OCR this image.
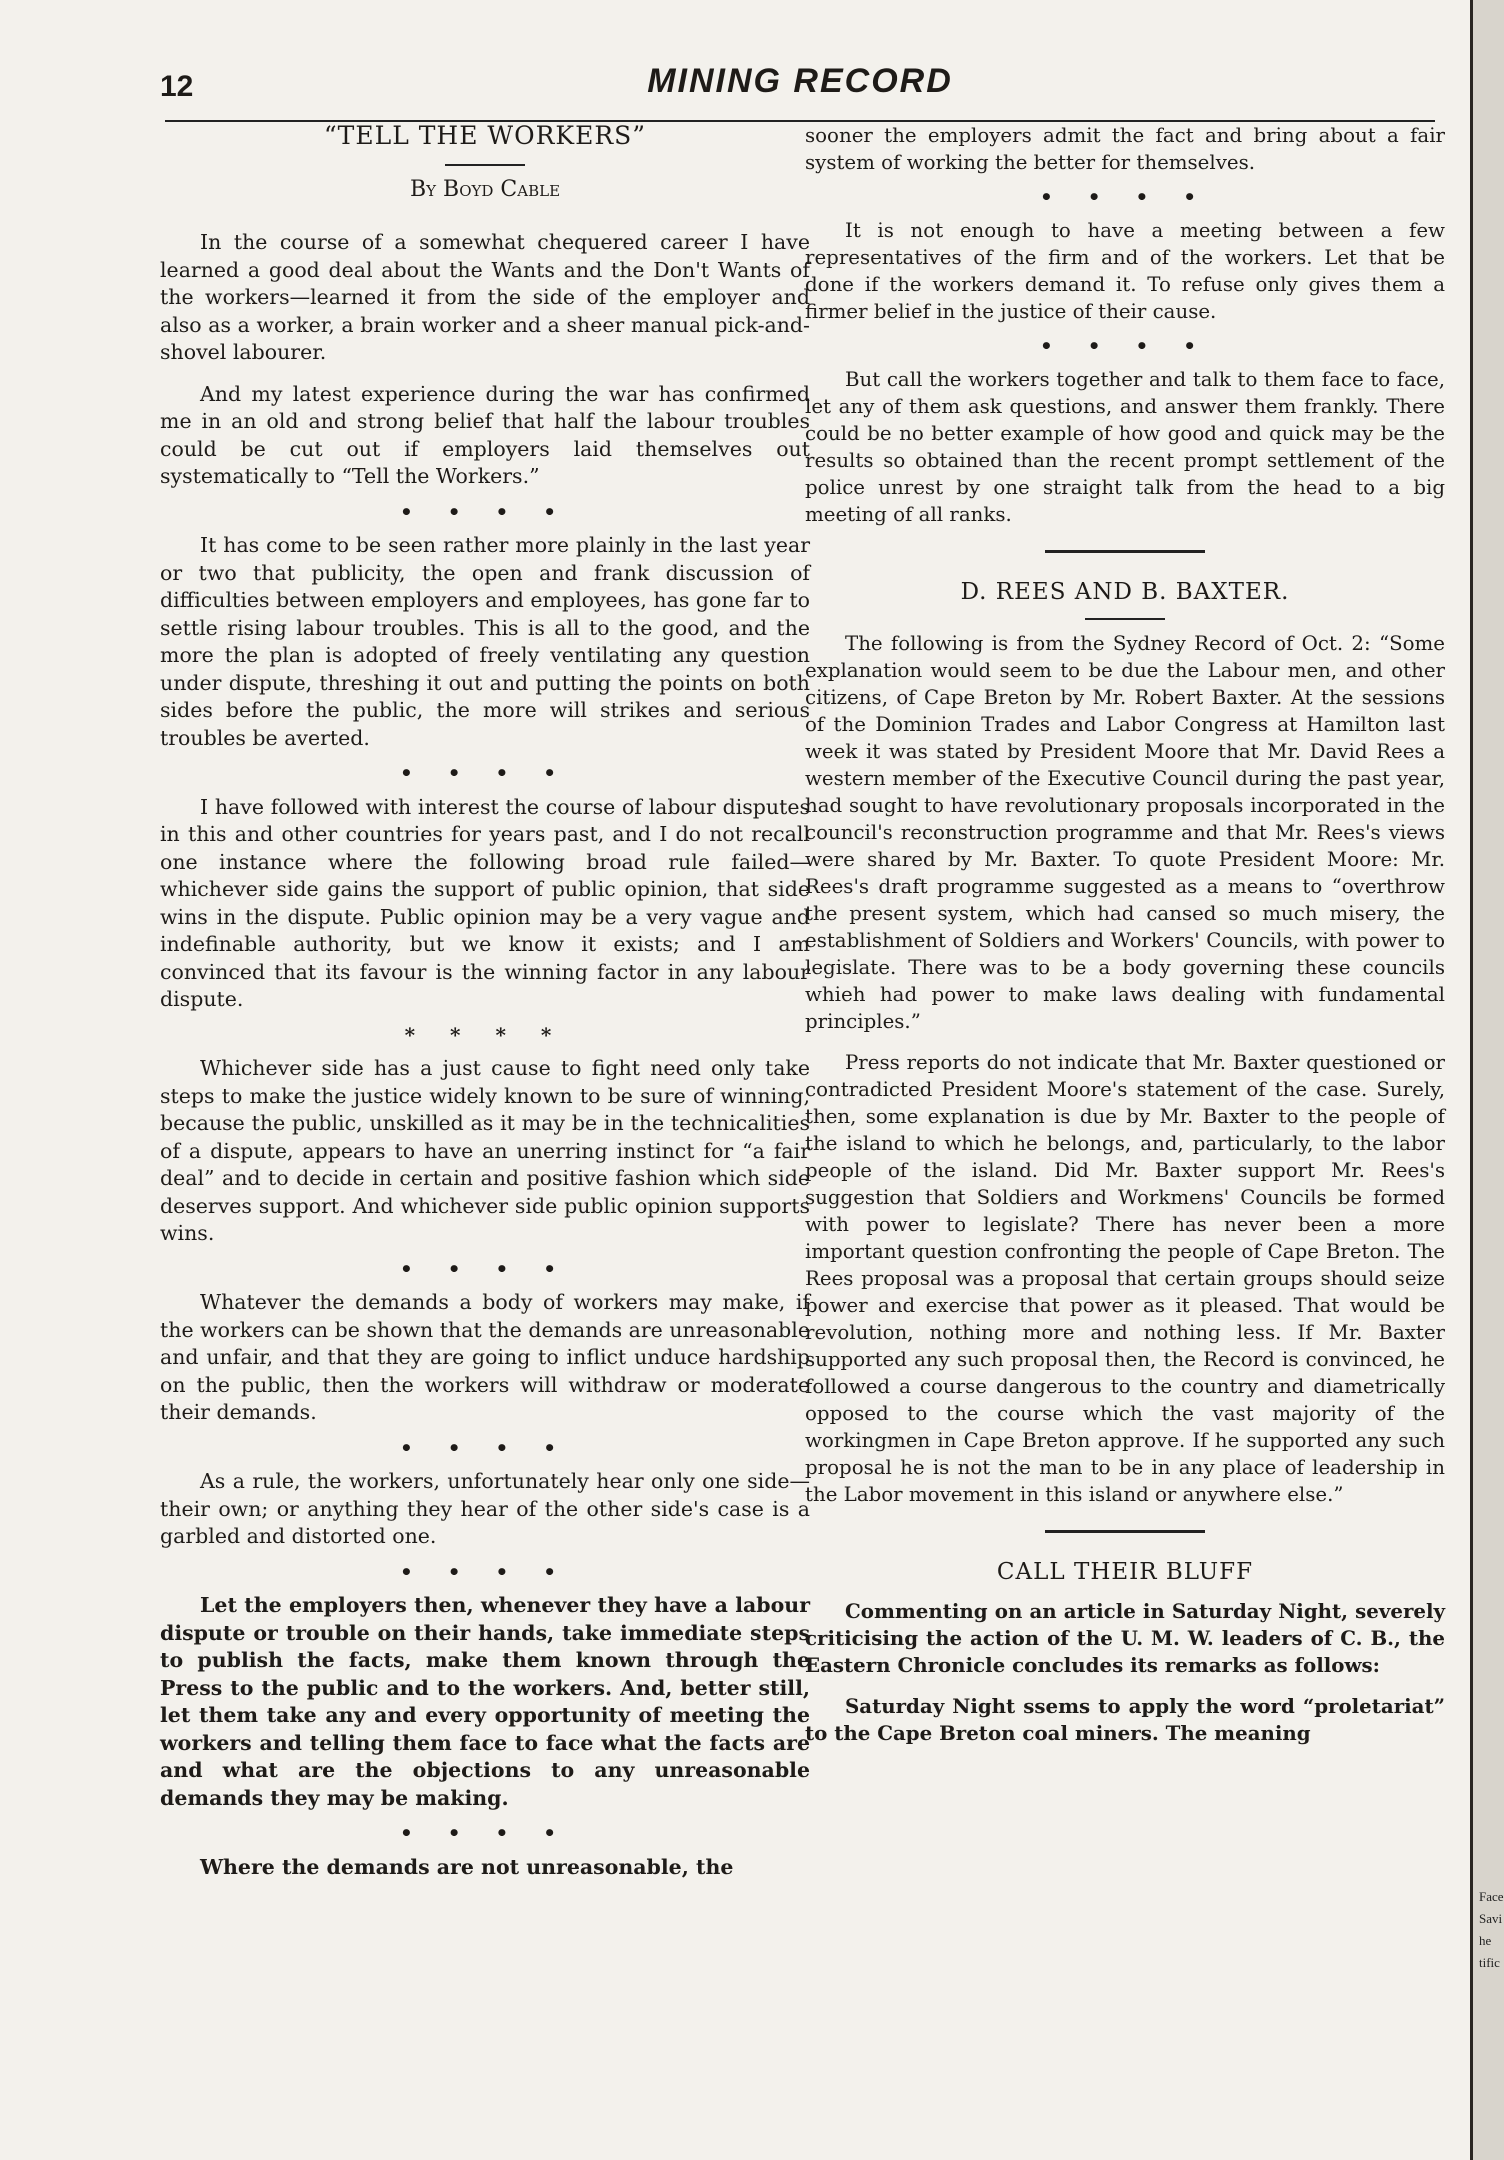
12	MINING RECORD
“TELL THE WORKERS”
By Boyd Cable

In the course of a somewhat chequered career I have learned a good deal about the Wants and the Don't Wants of the workers—learned it from the side of the employer and also as a worker, a brain worker and a sheer manual pick-and-shovel labourer.

And my latest experience during the war has confirmed me in an old and strong belief that half the labour troubles could be cut out if employers laid themselves out systematically to “Tell the Workers.”

• • • •

It has come to be seen rather more plainly in the last year or two that publicity, the open and frank discussion of difficulties between employers and employees, has gone far to settle rising labour troubles. This is all to the good, and the more the plan is adopted of freely ventilating any question under dispute, threshing it out and putting the points on both sides before the public, the more will strikes and serious troubles be averted.

• • • •

I have followed with interest the course of labour disputes in this and other countries for years past, and I do not recall one instance where the following broad rule failed—whichever side gains the support of public opinion, that side wins in the dispute. Public opinion may be a very vague and indefinable authority, but we know it exists; and I am convinced that its favour is the winning factor in any labour dispute.

* * * *

Whichever side has a just cause to fight need only take steps to make the justice widely known to be sure of winning, because the public, unskilled as it may be in the technicalities of a dispute, appears to have an unerring instinct for “a fair deal” and to decide in certain and positive fashion which side deserves support. And whichever side public opinion supports wins.

• • • •

Whatever the demands a body of workers may make, if the workers can be shown that the demands are unreasonable and unfair, and that they are going to inflict unduce hardship on the public, then the workers will withdraw or moderate their demands.

• • • •

As a rule, the workers, unfortunately hear only one side—their own; or anything they hear of the other side's case is a garbled and distorted one.

• • • •

Let the employers then, whenever they have a labour dispute or trouble on their hands, take immediate steps to publish the facts, make them known through the Press to the public and to the workers. And, better still, let them take any and every opportunity of meeting the workers and telling them face to face what the facts are and what are the objections to any unreasonable demands they may be making.

• • • •

Where the demands are not unreasonable, the

sooner the employers admit the fact and bring about a fair system of working the better for themselves.

• • • •

It is not enough to have a meeting between a few representatives of the firm and of the workers. Let that be done if the workers demand it. To refuse only gives them a firmer belief in the justice of their cause.

• • • •

But call the workers together and talk to them face to face, let any of them ask questions, and answer them frankly. There could be no better example of how good and quick may be the results so obtained than the recent prompt settlement of the police unrest by one straight talk from the head to a big meeting of all ranks.

D. REES AND B. BAXTER.

The following is from the Sydney Record of Oct. 2: “Some explanation would seem to be due the Labour men, and other citizens, of Cape Breton by Mr. Robert Baxter. At the sessions of the Dominion Trades and Labor Congress at Hamilton last week it was stated by President Moore that Mr. David Rees a western member of the Executive Council during the past year, had sought to have revolutionary proposals incorporated in the council's reconstruction programme and that Mr. Rees's views were shared by Mr. Baxter. To quote President Moore: Mr. Rees's draft programme suggested as a means to “overthrow the present system, which had cansed so much misery, the establishment of Soldiers and Workers' Councils, with power to legislate. There was to be a body governing these councils whieh had power to make laws dealing with fundamental principles.”

Press reports do not indicate that Mr. Baxter questioned or contradicted President Moore's statement of the case. Surely, then, some explanation is due by Mr. Baxter to the people of the island to which he belongs, and, particularly, to the labor people of the island. Did Mr. Baxter support Mr. Rees's suggestion that Soldiers and Workmens' Councils be formed with power to legislate? There has never been a more important question confronting the people of Cape Breton. The Rees proposal was a proposal that certain groups should seize power and exercise that power as it pleased. That would be revolution, nothing more and nothing less. If Mr. Baxter supported any such proposal then, the Record is convinced, he followed a course dangerous to the country and diametrically opposed to the course which the vast majority of the workingmen in Cape Breton approve. If he supported any such proposal he is not the man to be in any place of leadership in the Labor movement in this island or anywhere else.”

CALL THEIR BLUFF

Commenting on an article in Saturday Night, severely criticising the action of the U. M. W. leaders of C. B., the Eastern Chronicle concludes its remarks as follows:

Saturday Night ssems to apply the word “proletariat” to the Cape Breton coal miners. The meaning

Face
Savi
he
tific
